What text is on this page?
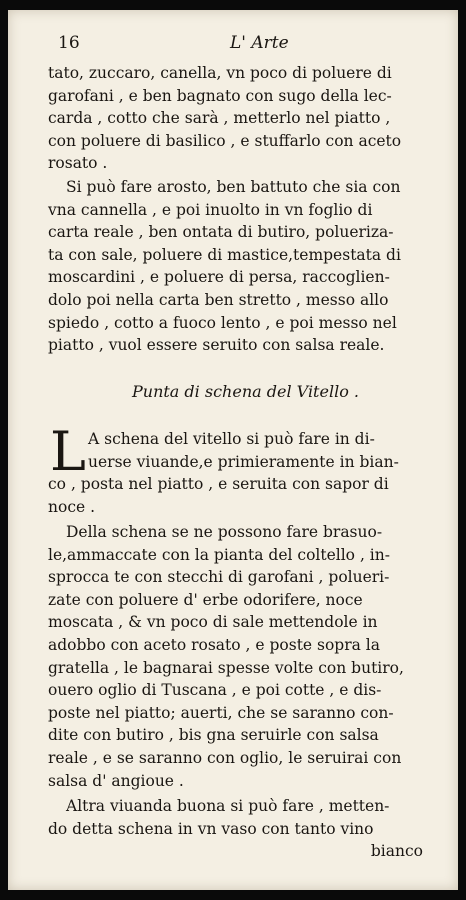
16	L' Arte
tato, zuccaro, canella, vn poco di poluere di
garofani , e ben bagnato con sugo della lec-
carda , cotto che sarà , metterlo nel piatto ,
con poluere di basilico , e stuffarlo con aceto
rosato .
Si può fare arosto, ben battuto che sia con
vna cannella , e poi inuolto in vn foglio di
carta reale , ben ontata di butiro, poluerizа-
ta con sale, poluere di mastice,tempestata di
moscardini , e poluere di persa, raccoglien-
dolo poi nella carta ben stretto , messo allo
spiedo , cotto a fuoco lento , e poi messo nel
piatto , vuol essere seruito con salsa reale.
Punta di schena del Vitello .
L A schena del vitello si può fare in di-
uerse viuande,e primieramente in bian-
co , posta nel piatto , e seruita con sapor di
noce .
Della schena se ne possono fare brasuo-
le,ammaccate con la pianta del coltello , in-
sprocca te con stecchi di garofani , poluerі-
zate con poluere d' erbe odorifere, noce
moscata , & vn poco di sale mettendole in
adobbo con aceto rosato , e poste sopra la
gratella , le bagnarai spesse volte con butiro,
ouero oglio di Tuscana , e poi cotte , e dis-
poste nel piatto; auerti, che se saranno con-
dite con butiro , bis gna seruirle con salsa
reale , e se saranno con oglio, le seruirai con
salsa d' angioue .
Altra viuanda buona si può fare , metten-
do detta schena in vn vaso con tanto vino
bianco
